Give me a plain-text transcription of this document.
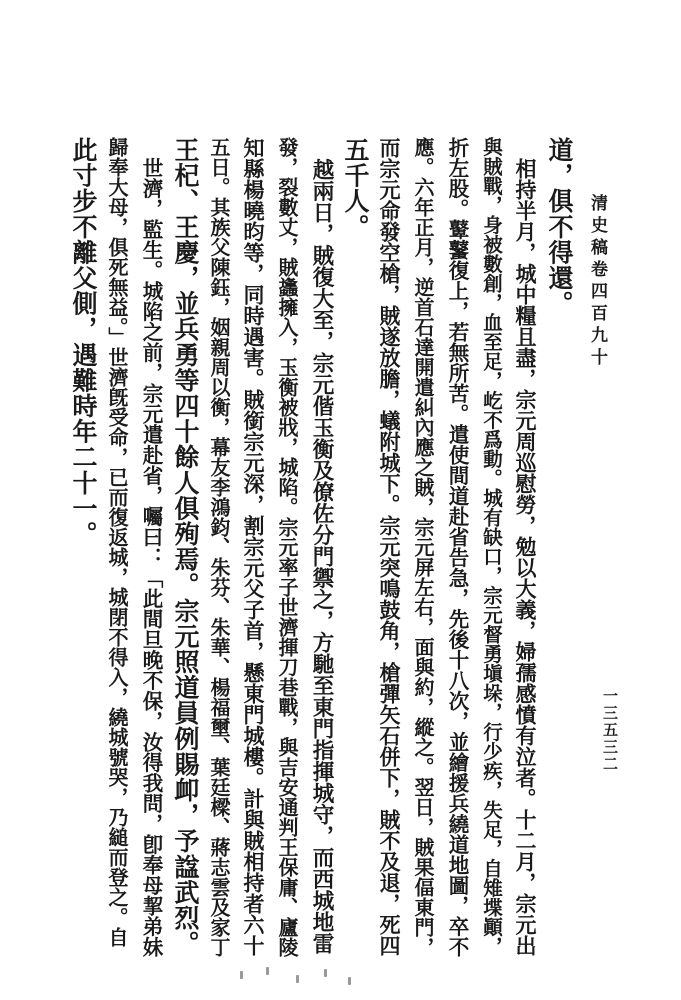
清史稿卷四百九十
一三五三二
道，俱不得還。
　相持半月，城中糧且盡，宗元周巡慰勞，勉以大義，婦孺感憤有泣者。十二月，宗元出
與賊戰，身被數創，血至足，屹不爲動。城有缺口，宗元督勇塡垛，行少疾，失足，自雉堞顚，
折左股。鼙鼜復上，若無所苦。遣使間道赴省告急，先後十八次，並繪援兵繞道地圖，卒不
應。六年正月，逆首石達開遣糾內應之賊，宗元屏左右，面與約，縱之。翌日，賊果偪東門，
而宗元命發空槍，賊遂放膽，蟻附城下。宗元突鳴鼓角，槍彈矢石併下，賊不及退，死四
五千人。
　越兩日，賊復大至，宗元偕玉衡及僚佐分門禦之，方馳至東門指揮城守，而西城地雷
發，裂數丈，賊蠭擁入，玉衡被戕，城陷。宗元率子世濟揮刀巷戰，與吉安通判王保庸、廬陵
知縣楊曉昀等，同時遇害。賊銜宗元深，割宗元父子首，懸東門城樓。計與賊相持者六十
五日。其族父陳鈺，姻親周以衡，幕友李鴻鈞、朱芬、朱華、楊福壐、葉廷樑、蔣志雲及家丁
王杞、王慶，並兵勇等四十餘人俱殉焉。宗元照道員例賜卹，予諡武烈。
　世濟，監生。城陷之前，宗元遣赴省，囑曰：「此間旦晚不保，汝得我問，卽奉母挈弟妹
歸奉大母，俱死無益。」世濟旣受命，已而復返城，城閉不得入，繞城號哭，乃縋而登之。自
此寸步不離父側，遇難時年二十一。
